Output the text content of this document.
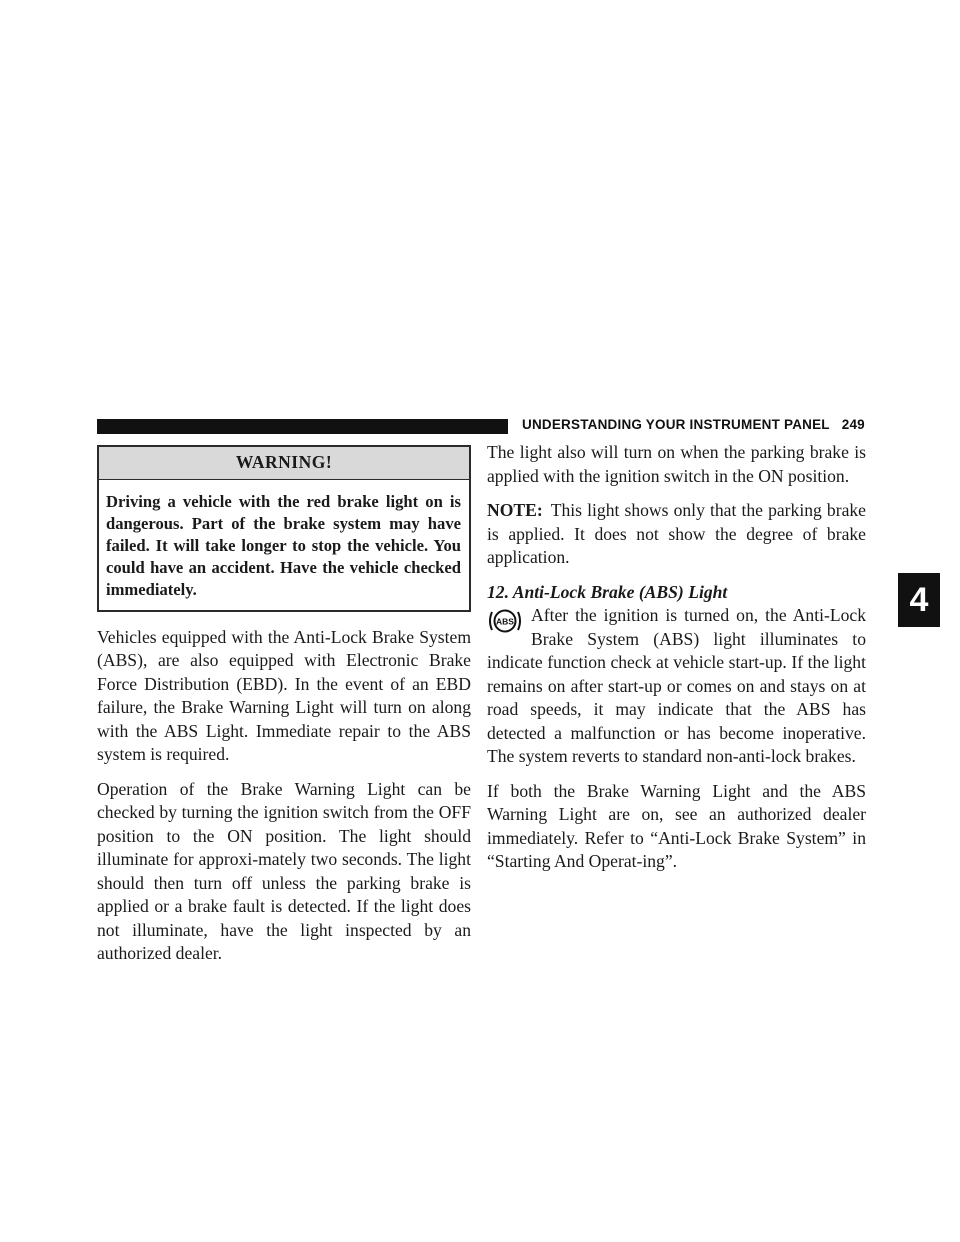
UNDERSTANDING YOUR INSTRUMENT PANEL 249
4
WARNING!
Driving a vehicle with the red brake light on is dangerous. Part of the brake system may have failed. It will take longer to stop the vehicle. You could have an accident. Have the vehicle checked immediately.

Vehicles equipped with the Anti-Lock Brake System (ABS), are also equipped with Electronic Brake Force Distribution (EBD). In the event of an EBD failure, the Brake Warning Light will turn on along with the ABS Light. Immediate repair to the ABS system is required.

Operation of the Brake Warning Light can be checked by turning the ignition switch from the OFF position to the ON position. The light should illuminate for approxi-mately two seconds. The light should then turn off unless the parking brake is applied or a brake fault is detected. If the light does not illuminate, have the light inspected by an authorized dealer.

The light also will turn on when the parking brake is applied with the ignition switch in the ON position.

NOTE: This light shows only that the parking brake is applied. It does not show the degree of brake application.

12. Anti-Lock Brake (ABS) Light

ABS After the ignition is turned on, the Anti-Lock Brake System (ABS) light illuminates to indicate function check at vehicle start-up. If the light remains on after start-up or comes on and stays on at road speeds, it may indicate that the ABS has detected a malfunction or has become inoperative. The system reverts to standard non-anti-lock brakes.

If both the Brake Warning Light and the ABS Warning Light are on, see an authorized dealer immediately. Refer to “Anti-Lock Brake System” in “Starting And Operat-ing”.
